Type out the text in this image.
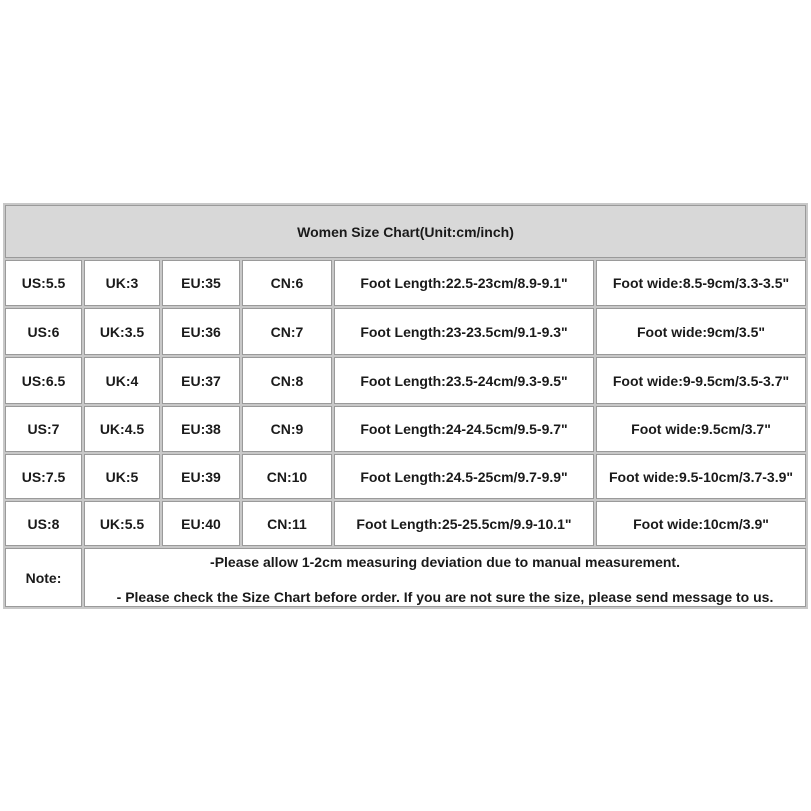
Women Size Chart(Unit:cm/inch)
US:5.5	UK:3	EU:35	CN:6	Foot Length:22.5-23cm/8.9-9.1"	Foot wide:8.5-9cm/3.3-3.5"
US:6	UK:3.5	EU:36	CN:7	Foot Length:23-23.5cm/9.1-9.3"	Foot wide:9cm/3.5"
US:6.5	UK:4	EU:37	CN:8	Foot Length:23.5-24cm/9.3-9.5"	Foot wide:9-9.5cm/3.5-3.7"
US:7	UK:4.5	EU:38	CN:9	Foot Length:24-24.5cm/9.5-9.7"	Foot wide:9.5cm/3.7"
US:7.5	UK:5	EU:39	CN:10	Foot Length:24.5-25cm/9.7-9.9"	Foot wide:9.5-10cm/3.7-3.9"
US:8	UK:5.5	EU:40	CN:11	Foot Length:25-25.5cm/9.9-10.1"	Foot wide:10cm/3.9"
Note:
-Please allow 1-2cm measuring deviation due to manual measurement.
- Please check the Size Chart before order. If you are not sure the size, please send message to us.
